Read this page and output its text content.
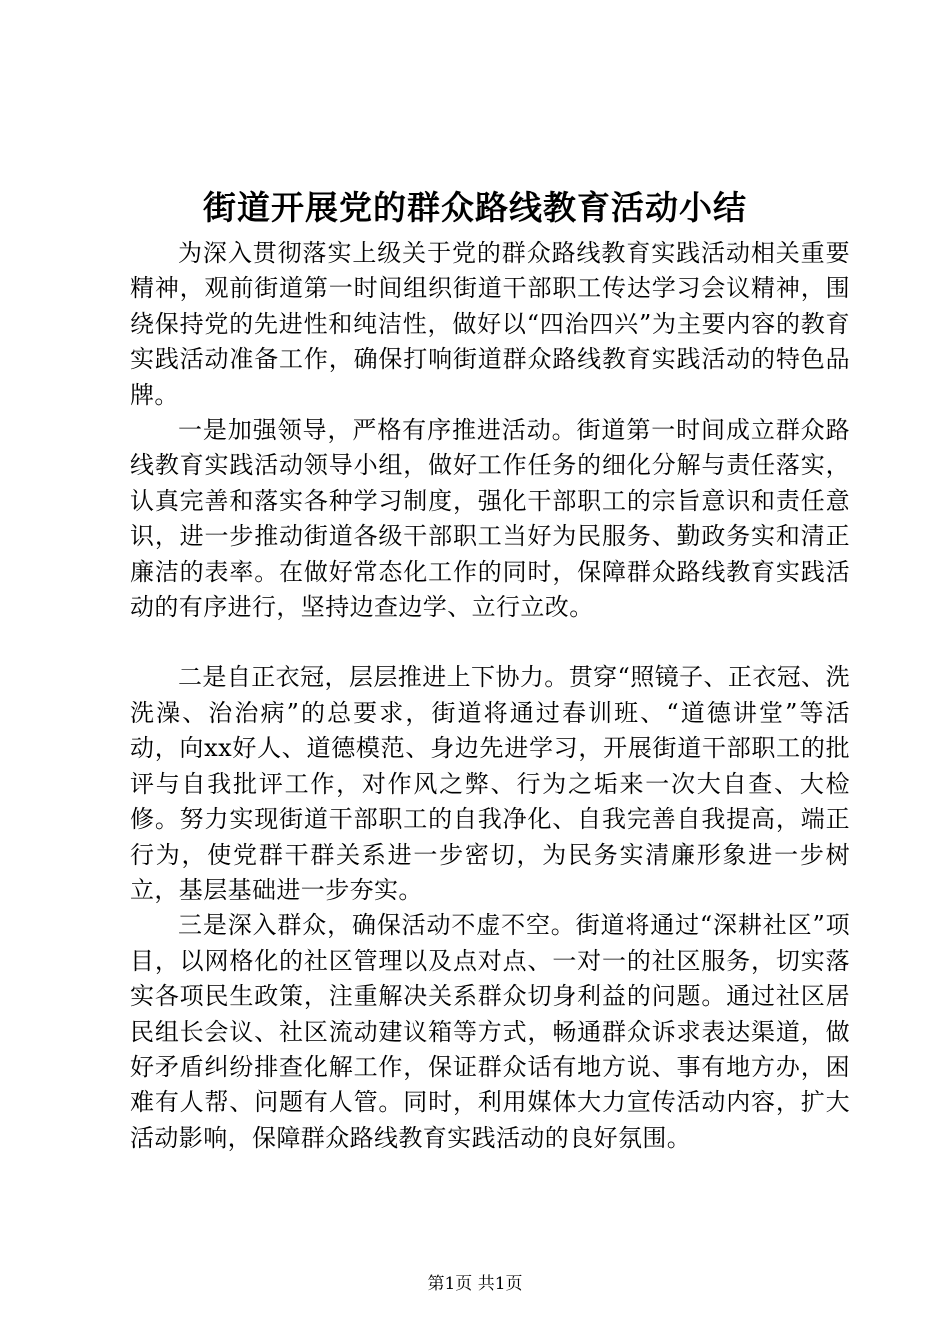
街道开展党的群众路线教育活动小结

为深入贯彻落实上级关于党的群众路线教育实践活动相关重要精神，观前街道第一时间组织街道干部职工传达学习会议精神，围绕保持党的先进性和纯洁性，做好以“四治四兴”为主要内容的教育实践活动准备工作，确保打响街道群众路线教育实践活动的特色品牌。

一是加强领导，严格有序推进活动。街道第一时间成立群众路线教育实践活动领导小组，做好工作任务的细化分解与责任落实，认真完善和落实各种学习制度，强化干部职工的宗旨意识和责任意识，进一步推动街道各级干部职工当好为民服务、勤政务实和清正廉洁的表率。在做好常态化工作的同时，保障群众路线教育实践活动的有序进行，坚持边查边学、立行立改。

二是自正衣冠，层层推进上下协力。贯穿“照镜子、正衣冠、洗洗澡、治治病”的总要求，街道将通过春训班、“道德讲堂”等活动，向xx好人、道德模范、身边先进学习，开展街道干部职工的批评与自我批评工作，对作风之弊、行为之垢来一次大自查、大检修。努力实现街道干部职工的自我净化、自我完善自我提高，端正行为，使党群干群关系进一步密切，为民务实清廉形象进一步树立，基层基础进一步夯实。

三是深入群众，确保活动不虚不空。街道将通过“深耕社区”项目，以网格化的社区管理以及点对点、一对一的社区服务，切实落实各项民生政策，注重解决关系群众切身利益的问题。通过社区居民组长会议、社区流动建议箱等方式，畅通群众诉求表达渠道，做好矛盾纠纷排查化解工作，保证群众话有地方说、事有地方办，困难有人帮、问题有人管。同时，利用媒体大力宣传活动内容，扩大活动影响，保障群众路线教育实践活动的良好氛围。

第1页 共1页
